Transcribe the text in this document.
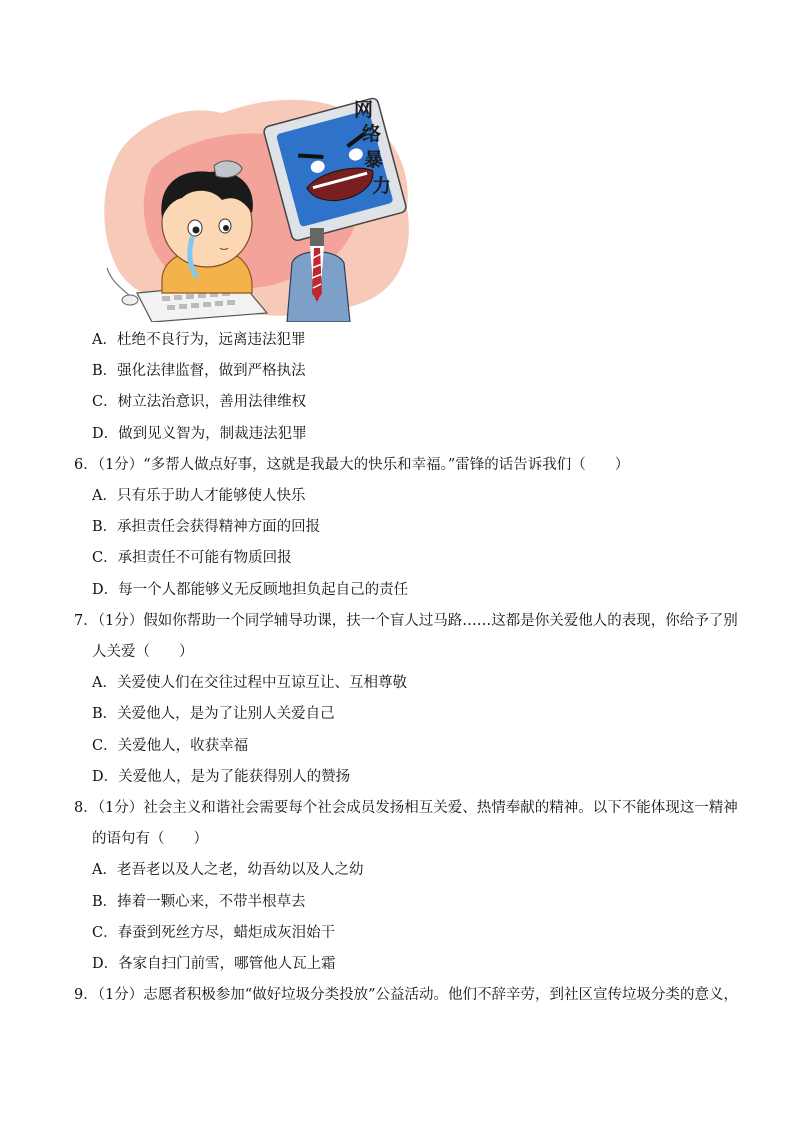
网
络
暴
力
A．杜绝不良行为，远离违法犯罪
B．强化法律监督，做到严格执法
C．树立法治意识，善用法律维权
D．做到见义智为，制裁违法犯罪
6．（1分）“多帮人做点好事，这就是我最大的快乐和幸福。”雷锋的话告诉我们（　　）
A．只有乐于助人才能够使人快乐
B．承担责任会获得精神方面的回报
C．承担责任不可能有物质回报
D．每一个人都能够义无反顾地担负起自己的责任
7．（1分）假如你帮助一个同学辅导功课，扶一个盲人过马路……这都是你关爱他人的表现，你给予了别
人关爱（　　）
A．关爱使人们在交往过程中互谅互让、互相尊敬
B．关爱他人，是为了让别人关爱自己
C．关爱他人，收获幸福
D．关爱他人，是为了能获得别人的赞扬
8．（1分）社会主义和谐社会需要每个社会成员发扬相互关爱、热情奉献的精神。以下不能体现这一精神
的语句有（　　）
A．老吾老以及人之老，幼吾幼以及人之幼
B．捧着一颗心来，不带半根草去
C．春蚕到死丝方尽，蜡炬成灰泪始干
D．各家自扫门前雪，哪管他人瓦上霜
9．（1分）志愿者积极参加“做好垃圾分类投放”公益活动。他们不辞辛劳，到社区宣传垃圾分类的意义，
